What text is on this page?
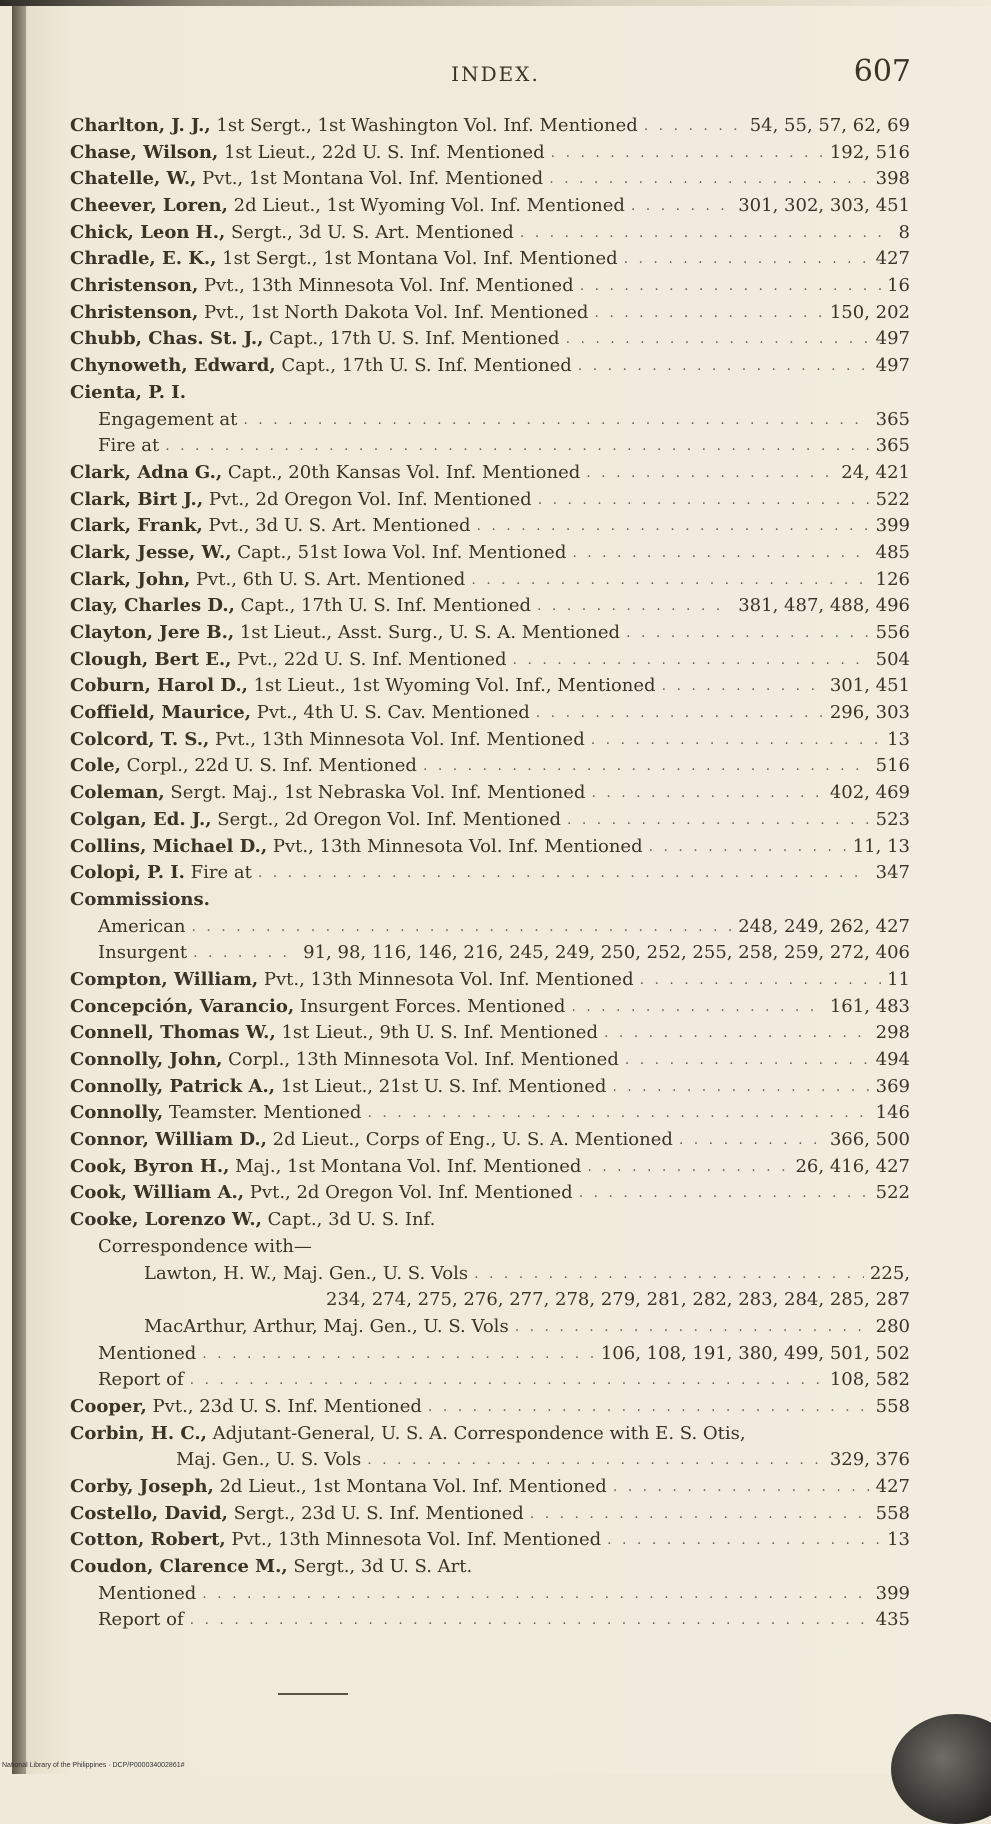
INDEX.	607
Charlton, J. J., 1st Sergt., 1st Washington Vol. Inf. Mentioned . . .	54, 55, 57, 62, 69
Chase, Wilson, 1st Lieut., 22d U. S. Inf. Mentioned . . .	192, 516
Chatelle, W., Pvt., 1st Montana Vol. Inf. Mentioned . . .	398
Cheever, Loren, 2d Lieut., 1st Wyoming Vol. Inf. Mentioned . . .	301, 302, 303, 451
Chick, Leon H., Sergt., 3d U. S. Art. Mentioned . . .	8
Chradle, E. K., 1st Sergt., 1st Montana Vol. Inf. Mentioned . . .	427
Christenson, Pvt., 13th Minnesota Vol. Inf. Mentioned . . .	16
Christenson, Pvt., 1st North Dakota Vol. Inf. Mentioned . . .	150, 202
Chubb, Chas. St. J., Capt., 17th U. S. Inf. Mentioned . . .	497
Chynoweth, Edward, Capt., 17th U. S. Inf. Mentioned . . .	497
Cienta, P. I.
Engagement at . . .	365
Fire at . . .	365
Clark, Adna G., Capt., 20th Kansas Vol. Inf. Mentioned . . .	24, 421
Clark, Birt J., Pvt., 2d Oregon Vol. Inf. Mentioned . . .	522
Clark, Frank, Pvt., 3d U. S. Art. Mentioned . . .	399
Clark, Jesse, W., Capt., 51st Iowa Vol. Inf. Mentioned . . .	485
Clark, John, Pvt., 6th U. S. Art. Mentioned . . .	126
Clay, Charles D., Capt., 17th U. S. Inf. Mentioned . . .	381, 487, 488, 496
Clayton, Jere B., 1st Lieut., Asst. Surg., U. S. A. Mentioned . . .	556
Clough, Bert E., Pvt., 22d U. S. Inf. Mentioned . . .	504
Coburn, Harol D., 1st Lieut., 1st Wyoming Vol. Inf., Mentioned . . .	301, 451
Coffield, Maurice, Pvt., 4th U. S. Cav. Mentioned . . .	296, 303
Colcord, T. S., Pvt., 13th Minnesota Vol. Inf. Mentioned . . .	13
Cole, Corpl., 22d U. S. Inf. Mentioned . . .	516
Coleman, Sergt. Maj., 1st Nebraska Vol. Inf. Mentioned . . .	402, 469
Colgan, Ed. J., Sergt., 2d Oregon Vol. Inf. Mentioned . . .	523
Collins, Michael D., Pvt., 13th Minnesota Vol. Inf. Mentioned . . .	11, 13
Colopi, P. I. Fire at . . .	347
Commissions.
American . . .	248, 249, 262, 427
Insurgent . . .	91, 98, 116, 146, 216, 245, 249, 250, 252, 255, 258, 259, 272, 406
Compton, William, Pvt., 13th Minnesota Vol. Inf. Mentioned . . .	11
Concepción, Varancio, Insurgent Forces. Mentioned . . .	161, 483
Connell, Thomas W., 1st Lieut., 9th U. S. Inf. Mentioned . . .	298
Connolly, John, Corpl., 13th Minnesota Vol. Inf. Mentioned . . .	494
Connolly, Patrick A., 1st Lieut., 21st U. S. Inf. Mentioned . . .	369
Connolly, Teamster. Mentioned . . .	146
Connor, William D., 2d Lieut., Corps of Eng., U. S. A. Mentioned . . .	366, 500
Cook, Byron H., Maj., 1st Montana Vol. Inf. Mentioned . . .	26, 416, 427
Cook, William A., Pvt., 2d Oregon Vol. Inf. Mentioned . . .	522
Cooke, Lorenzo W., Capt., 3d U. S. Inf.
Correspondence with—
Lawton, H. W., Maj. Gen., U. S. Vols . . .	225,
234, 274, 275, 276, 277, 278, 279, 281, 282, 283, 284, 285, 287
MacArthur, Arthur, Maj. Gen., U. S. Vols . . .	280
Mentioned . . .	106, 108, 191, 380, 499, 501, 502
Report of . . .	108, 582
Cooper, Pvt., 23d U. S. Inf. Mentioned . . .	558
Corbin, H. C., Adjutant-General, U. S. A. Correspondence with E. S. Otis,
Maj. Gen., U. S. Vols . . .	329, 376
Corby, Joseph, 2d Lieut., 1st Montana Vol. Inf. Mentioned . . .	427
Costello, David, Sergt., 23d U. S. Inf. Mentioned . . .	558
Cotton, Robert, Pvt., 13th Minnesota Vol. Inf. Mentioned . . .	13
Coudon, Clarence M., Sergt., 3d U. S. Art.
Mentioned . . .	399
Report of . . .	435
National Library of the Philippines · DCP/P000034002861#
